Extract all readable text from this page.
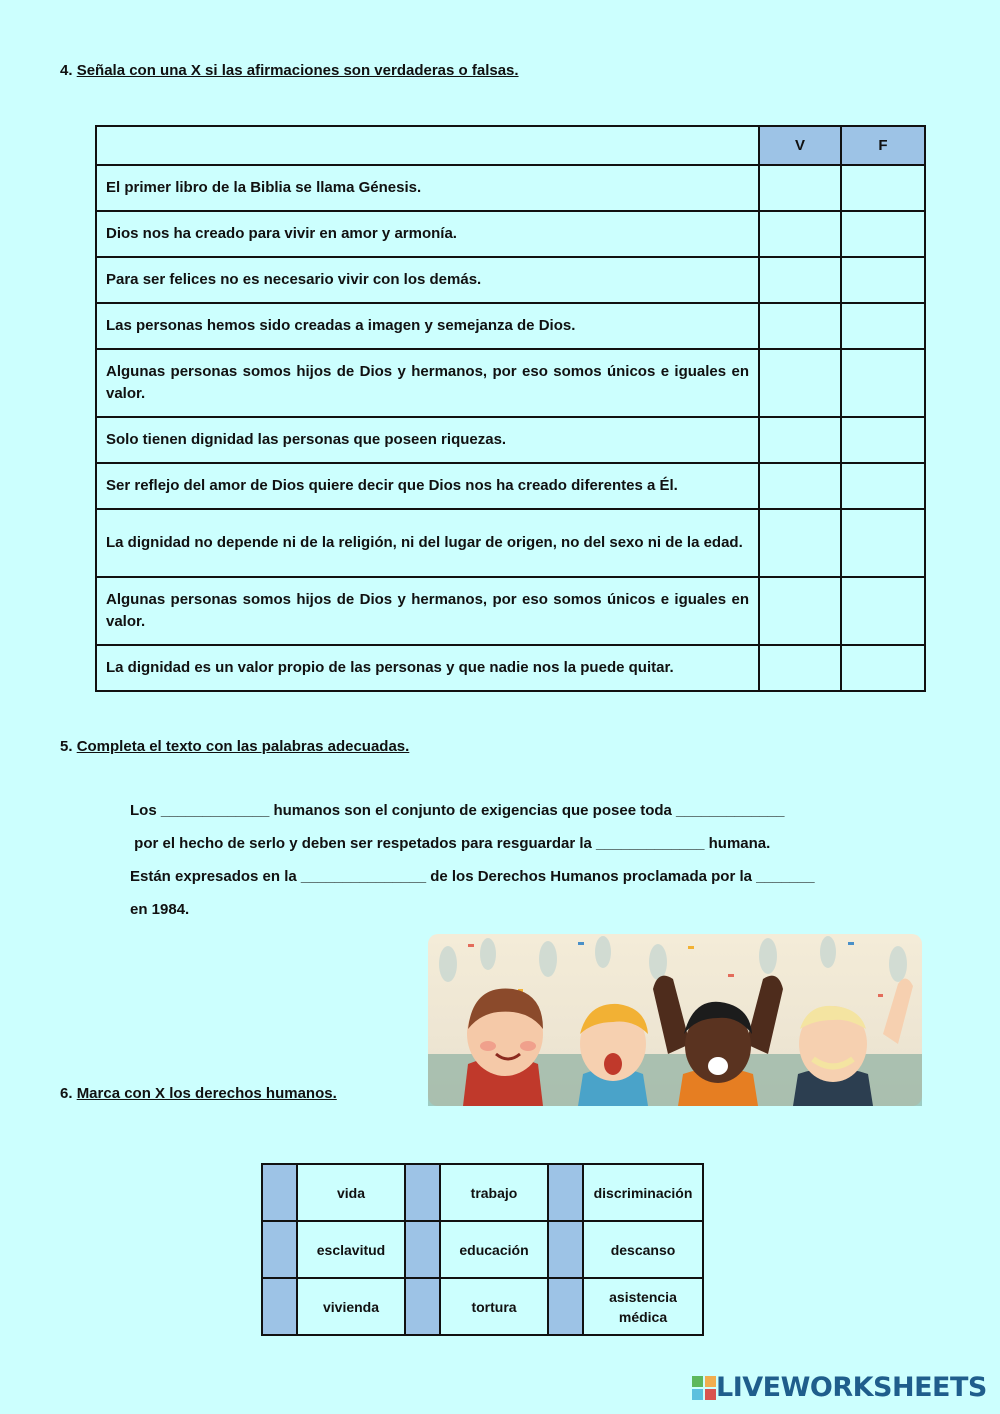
4. Señala con una X si las afirmaciones son verdaderas o falsas.
	V	F
El primer libro de la Biblia se llama Génesis.		
Dios nos ha creado para vivir en amor y armonía.		
Para ser felices no es necesario vivir con los demás.		
Las personas hemos sido creadas a imagen y semejanza de Dios.		
Algunas personas somos hijos de Dios y hermanos, por eso somos únicos e iguales en valor.		
Solo tienen dignidad las personas que poseen riquezas.		
Ser reflejo del amor de Dios quiere decir que Dios nos ha creado diferentes a Él.		
La dignidad no depende ni de la religión, ni del lugar de origen, no del sexo ni de la edad.		
Algunas personas somos hijos de Dios y hermanos, por eso somos únicos e iguales en valor.		
La dignidad es un valor propio de las personas y que nadie nos la puede quitar.		
5. Completa el texto con las palabras adecuadas.
Los _____________ humanos son el conjunto de exigencias que posee toda _____________
por el hecho de serlo y deben ser respetados para resguardar la _____________ humana.
Están expresados en la _______________ de los Derechos Humanos proclamada por la _______
en 1984.
6. Marca con X los derechos humanos.
	vida		trabajo		discriminación
	esclavitud		educación		descanso
	vivienda		tortura		asistencia médica
LIVEWORKSHEETS
